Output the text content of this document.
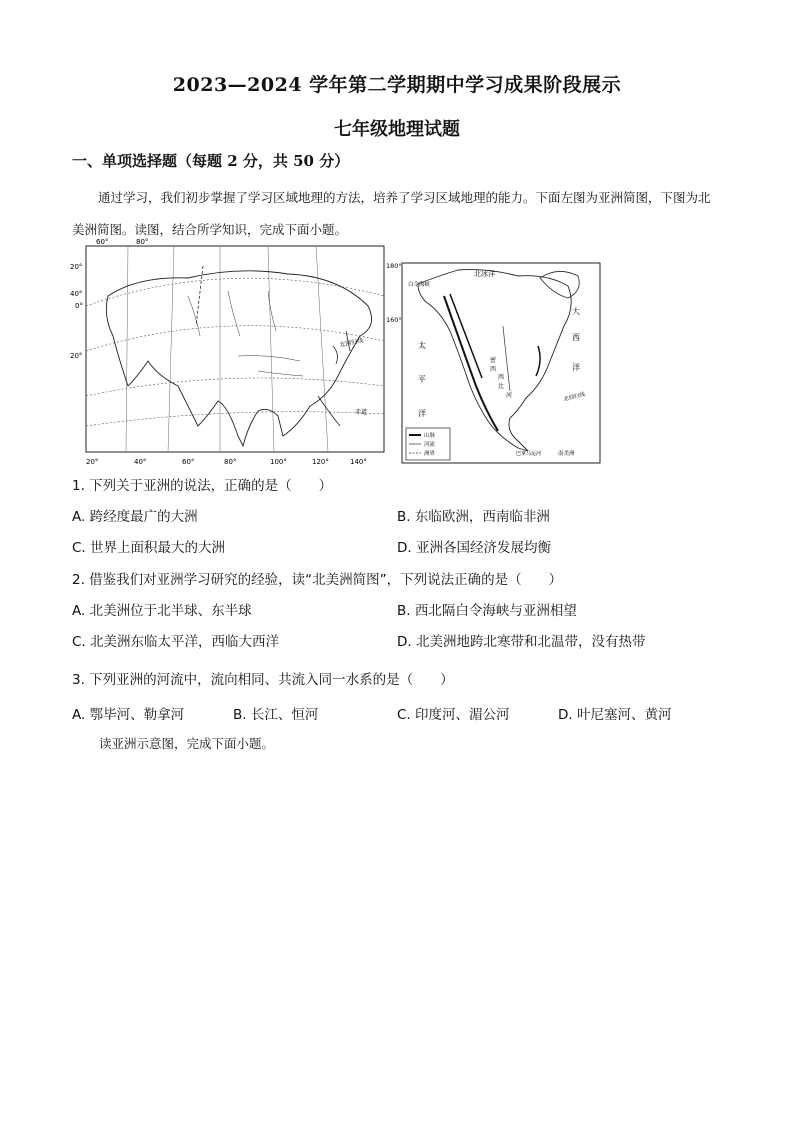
2023—2024 学年第二学期期中学习成果阶段展示
七年级地理试题
一、单项选择题（每题 2 分，共 50 分）
通过学习，我们初步掌握了学习区域地理的方法，培养了学习区域地理的能力。下面左图为亚洲简图，下图为北美洲简图。读图，结合所学知识，完成下面小题。
60°	80°
20°
40°
0°
20°
20°	40°	60°	80°	100°	120°	140°
北回归线
赤道
180°
160°
北冰洋
白令海峡
太
平
洋
大
西
洋
密
西
西
比
河	北回归线
巴拿马运河	南美洲
山脉
河流
洲界
1. 下列关于亚洲的说法，正确的是（　　）
A. 跨经度最广的大洲	B. 东临欧洲，西南临非洲
C. 世界上面积最大的大洲	D. 亚洲各国经济发展均衡
2. 借鉴我们对亚洲学习研究的经验，读“北美洲简图”，下列说法正确的是（　　）
A. 北美洲位于北半球、东半球	B. 西北隔白令海峡与亚洲相望
C. 北美洲东临太平洋，西临大西洋	D. 北美洲地跨北寒带和北温带，没有热带
3. 下列亚洲的河流中，流向相同、共流入同一水系的是（　　）
A. 鄂毕河、勒拿河	B. 长江、恒河	C. 印度河、湄公河	D. 叶尼塞河、黄河
读亚洲示意图，完成下面小题。
